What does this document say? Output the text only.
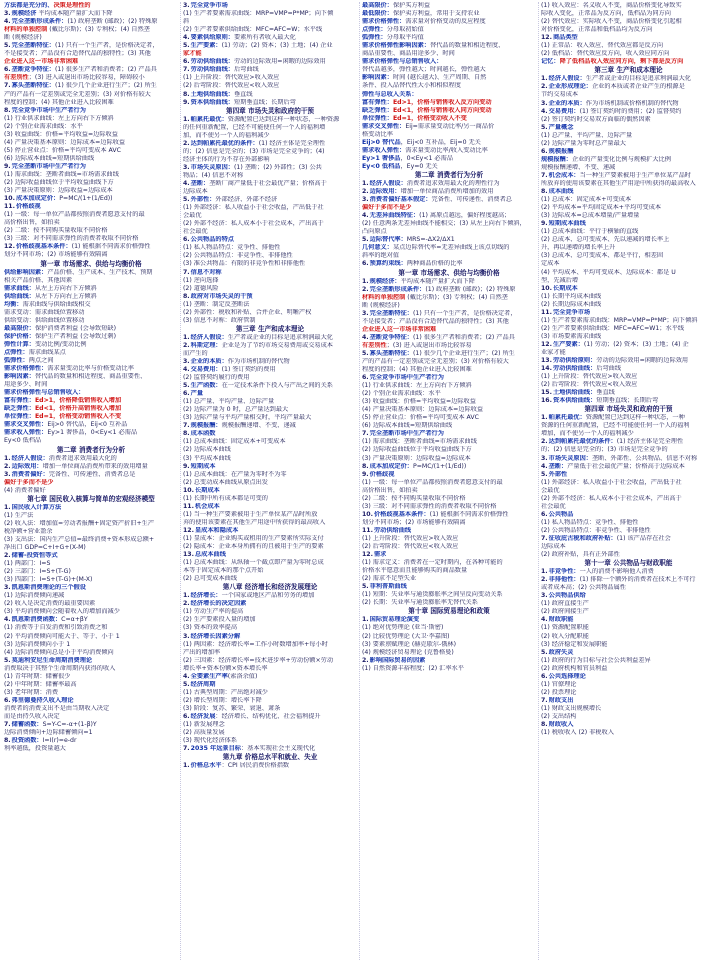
方法都是充分的、决策是理性的
3.规模经济 平均成本随产量扩大而下降
4.完全垄断形成条件：(1) 政府垄断 (邮政)；(2) 特殊原
材料的单独控制 (戴比尔斯)；(3) 专利权；(4) 自然垄
断 (规模经济)
5.完全垄断特征：(1) 只有一个生产者，是价格决定者，
不是接受者；产品没有合适替代品的独特性；(3) 其他
企业进入这一市场非常困难
6.垄断竞争特征：(1) 很多生产者和消费者；(2) 产品具
有差别性；(3) 进入或退出市场比较容易，障碍较小
7.寡头垄断特征：(1) 很少几个企业进行生产；(2) 所生
产的产品有一定差别或完全无差别；(3) 对价格有较大
程度的控制；(4) 其他企业进入比较困难
8.完全竞争市场中生产者行为
(1) 行业供求曲线：左上方向右下方倾斜
(2) 个别企业需求曲线：水平
(3) 收益曲线：价格=平均收益=边际收益
(4) 产量决策基本原则：边际成本=边际收益
(5) 停止营业点：价格=平均可变成本 AVC
(6) 边际成本曲线=短期供给曲线
9.完全垄断市场中生产者行为
(1) 需求曲线：垄断者曲线=市场需求曲线
(2) 边际收益曲线位于平均收益曲线下方
(3) 产量决策原则：边际收益=边际成本
10.成本加成定价：P=MC/(1+(1/Ed))
11.价格歧视
(1) 一级：每一单位产品都按照消费者愿意支付的最
高价格出售，如拍卖
(2) 二级：按不同购买量收取不同价格
(3) 三级：对不同需求弹性的消费者收取不同价格
12.价格歧视基本条件：(1) 能根据不同需求价格弹性
划分不同市场；(2) 市场能够有效隔离
第一章 市场需求、供给与均衡价格
供给影响因素：产品价格、生产成本、生产技术、预期
相关产品价格、其他因素
需求曲线：从左上方向右下方倾斜
供给曲线：从左下方向右上方倾斜
均衡：需求曲线与供给曲线相交
需求变动：需求曲线位置移动
供给变动：供给曲线位置移动
最高限价：保护消费者利益 (会导致短缺)
保护价格：保护生产者利益 (会导致过剩)
弹性计算：变动比例/变动比例
点弹性：需求曲线某点
弧弹性：两点之间
需求价格弹性：需求量变动比率与价格变动比率
影响因素：替代品的数量和相近程度、商品重要性、
用途多少、时间
需求价格弹性与总销售收入：
富有弹性：Ed>1，价格降低销售收入增加
缺乏弹性：Ed<1，价格升高销售收入增加
单位弹性：Ed=1，价格变动销售收入不变
需求交叉弹性：Eij>0 替代品，Eij<0 互补品
需求收入弹性：Ey>1 奢侈品，0<Ey<1 必需品
Ey<0 低档品
第二章 消费者行为分析
1.经济人假设：消费者追求效用最大化的
2.边际效用：增加一单位商品消费所带来的效用增量
3.消费者偏好：完备性、可传递性、消费者总是
偏好于多而不是少
(4) 消费者偏好
第七章 国民收入核算与简单的宏观经济模型
1.国民收入计算方法
(1) 生产法
(2) 收入法：增加值=劳动者报酬+固定资产折旧+生产
税净额+营业盈余
(3) 支出法：国内生产总值=最终消费+资本形成总额+
净出口 GDP=C+I+G+(X-M)
2.储蓄-投资恒等式
(1) 两部门：I=S
(2) 三部门：I=S+(T-G)
(3) 四部门：I=S+(T-G)+(M-X)
3.凯恩斯消费理论的三个假设
(1) 边际消费倾向递减
(2) 收入是决定消费的最重要因素
(3) 平均消费倾向会随着收入的增加而减少
4.凯恩斯消费函数：C=α+βY
(1) 消费等于自发消费和引致消费之和
(2) 平均消费倾向可能大于、等于、小于 1
(3) 边际消费倾向小于 1
(4) 边际消费倾向总是小于平均消费倾向
5.莫迪利安尼生命周期消费理论
消费取决于其整个生命周期内获得的收入
(1) 青年时期：储蓄很少
(2) 中年时期：储蓄率最高
(3) 老年时期：消费
6.弗里德曼持久收入理论
消费者的消费支出不是由当期收入决定
而是由持久收入决定
7.储蓄函数：S=Y-C=-α+(1-β)Y
边际消费倾向+边际储蓄倾向=1
8.投资函数：I=I(r)=e-dr
利率越低，投资量越大
3.完全竞争市场
(1) 生产者要素需求曲线：MRP=VMP=P*MP；向下倾
斜
(2) 生产者要素供给曲线：MFC=AFC=W；水平线
4.要素供给原则：要素所有者收入最大化
5.生产要素：(1) 劳动；(2) 资本；(3) 土地；(4) 企业
家才能
6.劳动供给曲线：劳动的边际效用=闲暇的边际效用
7.劳动供给曲线：后弯曲线
(1) 上升阶段：替代效应>收入效应
(2) 后弯阶段：替代效应<收入效应
8.土地供给曲线：垂直线
9.资本供给曲线：短期垂直线；长期后弯
第四章 市场失灵和政府的干预
1.帕累托最优：资源配置已达到这样一种状态，一种资源
的任何重新配置，已经不可能使任何一个人的福利增
加，而不使另一个人的福利减少
2.达到帕累托最优的条件：(1) 经济主体是完全理性
的；(2) 信息是完全的；(3) 市场是完全竞争的；(4)
经济主体的行为不存在外部影响
3.市场失灵原因：(1) 垄断；(2) 外部性；(3) 公共
物品；(4) 信息不对称
4.垄断：垄断厂商产量低于社会最优产量；价格高于
边际成本
5.外部性：外部经济、外部不经济
(1) 外部经济：私人收益小于社会收益，产出低于社
会最优
(2) 外部不经济：私人成本小于社会成本，产出高于
社会最优
6.公共物品的特点
(1) 私人物品特点：竞争性、排他性
(2) 公共物品特点：非竞争性、非排他性
(3) 准公共物品：有限的非竞争性和非排他性
7.信息不对称
(1) 逆向选择
(2) 道德风险
8.政府对市场失灵的干预
(1) 垄断：制定反垄断法
(2) 外部性：税收和补贴、合并企业、明晰产权
(3) 信息不对称：政府管制
第三章 生产和成本理论
1.经济人假设：生产者或企业的目标是追求利润最大化
2.科斯定理：企业是为了节约市场交易费用或交易成本
而产生的
3.企业的本质：作为市场机制的替代物
4.交易费用：(1) 签订契约的费用
(2) 监督契约履行的费用
5.生产函数：在一定技术条件下投入与产出之间的关系
6.产量
(1) 总产量、平均产量、边际产量
(2) 边际产量为 0 时，总产量达到最大
(3) 边际产量与平均产量相交时，平均产量最大
7.规模报酬：规模报酬递增、不变、递减
8.成本函数
(1) 总成本曲线：固定成本+可变成本
(2) 边际成本曲线
(3) 平均成本曲线
9.短期成本
(1) 总成本曲线：在产量为零时不为零
(2) 总变动成本曲线从原点出发
10.长期成本
(1) 长期中所有成本都是可变的
11.机会成本
(1) 当一种生产要素被用于生产单位某产品时所放
弃的使用该要素在其他生产用途中所获得的最高收入
12.显成本和隐成本
(1) 显成本：企业购买或租用的生产要素所实际支付
(2) 隐成本：企业本身所拥有的且被用于生产的要素
13.总成本曲线
(1) 总成本曲线：从纵轴一个截点即产量为零时总成
本等于固定成本的那个点开始
(2) 总可变成本曲线
第八章 经济增长和经济发展理论
1.经济增长：一个国家或地区产品和劳务的增加
2.经济增长的决定因素
(1) 劳动生产率的提高
(2) 生产要素投入量的增加
(3) 资本的效率提高
3.经济增长因素分解
(1) 两因素：经济增长率=工作小时数增加率+每小时
产出的增加率
(2) 三因素：经济增长率=技术进步率+劳动份额×劳动
增长率+资本份额×资本增长率
4.全要素生产率(索洛余值)
5.经济周期
(1) 古典型周期：产出绝对减少
(2) 增长型周期：增长率下降
(3) 阶段：复苏、繁荣、衰退、萧条
6.经济发展：经济增长、结构优化、社会福利提升
(1) 新发展理念
(2) 高质量发展
(3) 现代化经济体系
7.2035 年远景目标：基本实现社会主义现代化
第九章 价格总水平和就业、失业
1.价格总水平：CPI 居民消费价格指数
最高限价：保护买方利益
最低限价：保护卖方利益，常用于支持农业
需求价格弹性：需求量对价格变动的反应程度
点弹性：分母取初始值
弧弹性：分母取平均值
需求价格弹性影响因素：替代品的数量和相近程度、
商品重要性、商品用途多少、时间
需求价格弹性与总销售收入：
替代品越多，弹性越大；时间越长，弹性越大
影响因素：时间 (越长越大)、生产周期、自然
条件、投入品替代性大小和相似程度
弹性与总收入关系：
富有弹性：Ed>1，价格与销售收入反方向变动
缺乏弹性：Ed<1，价格与销售收入同方向变动
单位弹性：Ed=1，价格变动收入不变
需求交叉弹性：Eij=需求量变动比率/另一商品价
格变动比率
Eij>0 替代品，Eij<0 互补品，Eij=0 无关
需求收入弹性：需求量变动比率/收入变动比率
Ey>1 奢侈品，0<Ey<1 必需品
Ey<0 低档品，Ey=0 无关
第二章 消费者行为分析
1.经济人假设：消费者追求效用最大化的理性行为
2.边际效用：增加一单位商品消费所增加的效用
3.消费者偏好基本假定：完备性、可传递性、消费者总
偏好于多而不是少
4.无差异曲线特征：(1) 离原点越远，偏好程度越高；
(2) 任意两条无差异曲线不能相交；(3) 从左上向右下倾斜，
凸向原点
5.边际替代率：MRS=-ΔX2/ΔX1
几何意义：某点边际替代率=无差异曲线上该点切线的
斜率的绝对值
6.预算约束线：两种商品价格的比率
第一章 市场需求、供给与均衡价格
1.规模经济：平均成本随产量扩大而下降
2.完全垄断形成条件：(1) 政府垄断 (邮政)；(2) 特殊原
材料的单独控制 (戴比尔斯)；(3) 专利权；(4) 自然垄
断 (规模经济)
3.完全垄断特征：(1) 只有一个生产者，是价格决定者，
不是接受者；产品没有合适替代品的独特性；(3) 其他
企业进入这一市场非常困难
4.垄断竞争特征：(1) 很多生产者和消费者；(2) 产品具
有差别性；(3) 进入或退出市场比较容易
5.寡头垄断特征：(1) 很少几个企业进行生产；(2) 所生
产的产品有一定差别或完全无差别；(3) 对价格有较大
程度的控制；(4) 其他企业进入比较困难
6.完全竞争市场中生产者行为
(1) 行业供求曲线：左上方向右下方倾斜
(2) 个别企业需求曲线：水平
(3) 收益曲线：价格=平均收益=边际收益
(4) 产量决策基本原则：边际成本=边际收益
(5) 停止营业点：价格=平均可变成本 AVC
(6) 边际成本曲线=短期供给曲线
7.完全垄断市场中生产者行为
(1) 需求曲线：垄断者曲线=市场需求曲线
(2) 边际收益曲线位于平均收益曲线下方
(3) 产量决策原则：边际收益=边际成本
8.成本加成定价：P=MC/(1+(1/Ed))
9.价格歧视
(1) 一级：每一单位产品都按照消费者愿意支付的最
高价格出售，如拍卖
(2) 二级：按不同购买量收取不同价格
(3) 三级：对不同需求弹性的消费者收取不同价格
10.价格歧视基本条件：(1) 能根据不同需求价格弹性
划分不同市场；(2) 市场能够有效隔离
11.劳动供给曲线
(1) 上升阶段：替代效应>收入效应
(2) 后弯阶段：替代效应<收入效应
12.需求
(1) 需求定义：消费者在一定时期内，在各种可能的
价格水平愿意而且能够购买的商品数量
(2) 需求不足型失业
5.菲利普斯曲线
(1) 短期：失业率与通货膨胀率之间呈反向变动关系
(2) 长期：失业率与通货膨胀率无替代关系
第十章 国际贸易理论和政策
1.国际贸易理论演变
(1) 绝对优势理论 (亚当·斯密)
(2) 比较优势理论 (大卫·李嘉图)
(3) 要素禀赋理论 (赫克歇尔-俄林)
(4) 规模经济贸易理论 (克鲁格曼)
2.影响国际贸易的因素
(1) 自然资源丰裕程度；(2) 汇率水平
(1) 收入效应：名义收入不变，商品价格变化导致实
际收入变化，正常品为反方向，低档品为同方向
(2) 替代效应：实际收入不变，商品价格变化引起相
对价格变化，正常品和低档品均为反方向
12.商品类型
(1) 正常品：收入效应、替代效应都是反方向
(2) 低档品：替代效应反方向，收入效应同方向
记忆：降了低档品收入效应同方向，剩下都是反方向
第三章 生产和成本理论
1.经济人假设：生产者或企业的目标是追求利润最大化
2.企业形成理论：企业的本质或者企业产生的根源是
节约交易成本
3.企业的本质：作为市场机制或价格机制的替代物
4.交易费用：(1) 签订契约时的费用；(2) 监督契约
(2) 签订契约时交易双方面临的偶然因素
5.产量概念
(1) 总产量、平均产量、边际产量
(2) 边际产量为零时总产量最大
6.规模报酬
规模报酬：企业的产量变化比例与规模扩大比例
规模报酬递增、不变、递减
7.机会成本：当一种生产要素被用于生产单位某产品时
所放弃的使用该要素在其他生产用途中所获得的最高收入
8.成本曲线
(1) 总成本：固定成本+可变成本
(2) 平均成本=平均固定成本+平均可变成本
(3) 边际成本=总成本增量/产量增量
9.短期成本曲线
(1) 总成本曲线：平行于横轴的直线
(2) 总成本、总可变成本、先以递减的增长率上
升，再以递增的增长率上升
(3) 总成本、总可变成本、都是平行，相差固
定成本
(4) 平均成本、平均可变成本、边际成本：都是 U
型，先减后增
10.长期成本
(1) 长期平均成本曲线
(2) 长期边际成本曲线
11.完全竞争市场
(1) 生产者要素需求曲线：MRP=VMP=P*MP；向下倾斜
(2) 生产者要素供给曲线：MFC=AFC=W1；水平线
(3) 市场要素需求曲线
12.生产要素：(1) 劳动；(2) 资本；(3) 土地；(4) 企
业家才能
13.劳动供给原则：劳动的边际效用=闲暇的边际效用
14.劳动供给曲线：后弯曲线
(1) 上升阶段：替代效应>收入效应
(2) 后弯阶段：替代效应<收入效应
15.土地供给曲线：垂直线
16.资本供给曲线：短期垂直线；长期后弯
第四章 市场失灵和政府的干预
1.帕累托最优：资源配置已达到这样一种状态，一种
资源的任何重新配置，已经不可能使任何一个人的福利
增加，而不使另一个人的福利减少
2.达到帕累托最优的条件：(1) 经济主体是完全理性
的；(2) 信息是完全的；(3) 市场是完全竞争的
3.市场失灵原因：垄断、外部性、公共物品、信息不对称
4.垄断：产量低于社会最优产量；价格高于边际成本
5.外部性
(1) 外部经济：私人收益小于社会收益，产出低于社
会最优
(2) 外部不经济：私人成本小于社会成本，产出高于
社会最优
6.公共物品
(1) 私人物品特点：竞争性、排他性
(2) 公共物品特点：非竞争性、非排他性
7.征收庇古税和政府补贴：(1) 该产品存在社会
边际成本
(2) 政府补贴，具有正外部性
第十一章 公共物品与财政职能
1.非竞争性：一人的消费不影响他人消费
2.非排他性：(1) 排除一个额外的消费者在技术上不可行
或者成本高；(2) 公共物品属性
3.公共物品供给
(1) 政府直接生产
(2) 政府间接生产
4.财政职能
(1) 资源配置职能
(2) 收入分配职能
(3) 经济稳定和发展职能
5.政府失灵
(1) 政府的行为目标与社会公共利益差异
(2) 政府机构和官员利益
6.公共选择理论
(1) 官僚理论
(2) 投票理论
7.财政支出
(1) 财政支出规模增长
(2) 支出结构
8.财政收入
(1) 税收收入 (2) 非税收入
